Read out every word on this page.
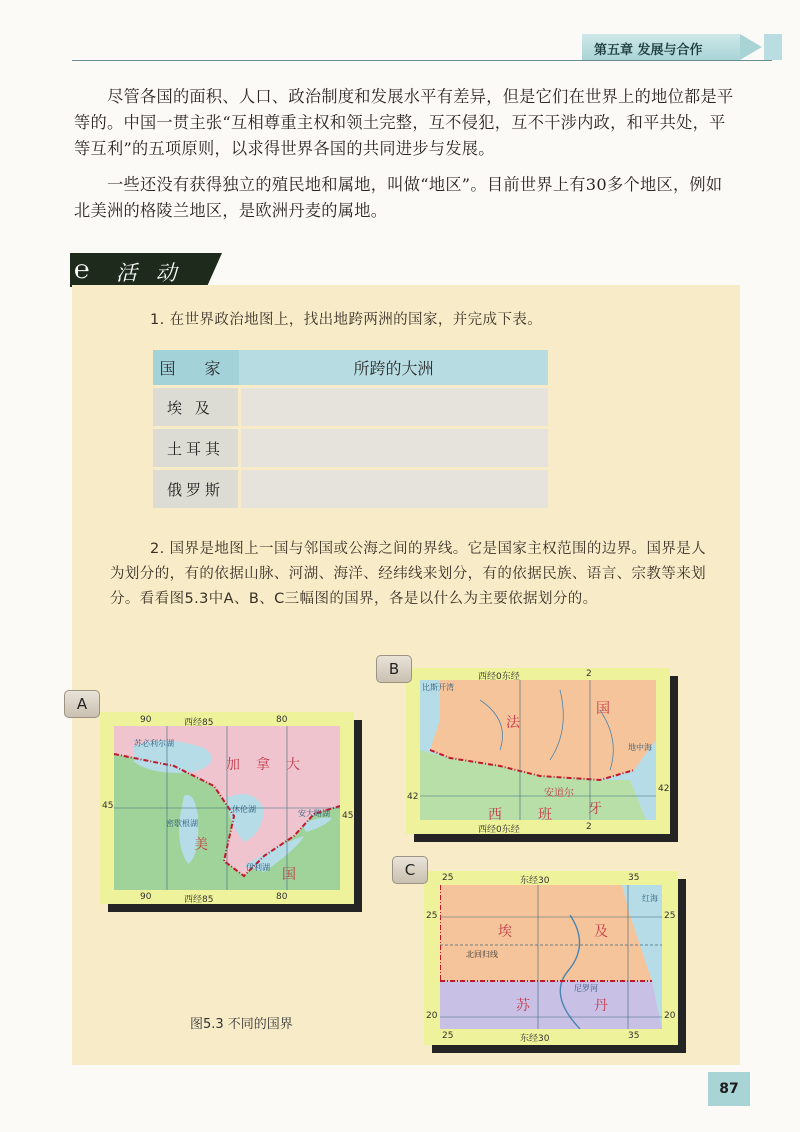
第五章 发展与合作
尽管各国的面积、人口、政治制度和发展水平有差异，但是它们在世界上的地位都是平等的。中国一贯主张“互相尊重主权和领土完整，互不侵犯，互不干涉内政，和平共处，平等互利”的五项原则，以求得世界各国的共同进步与发展。
一些还没有获得独立的殖民地和属地，叫做“地区”。目前世界上有30多个地区，例如北美洲的格陵兰地区，是欧洲丹麦的属地。
℮	活 动
1. 在世界政治地图上，找出地跨两洲的国家，并完成下表。
国 家	所跨的大洲
埃 及	
土耳其	
俄罗斯	
2. 国界是地图上一国与邻国或公海之间的界线。它是国家主权范围的边界。国界是人为划分的，有的依据山脉、河湖、海洋、经纬线来划分，有的依据民族、语言、宗教等来划分。看看图5.3中A、B、C三幅图的国界，各是以什么为主要依据划分的。
90	西经85	80
90	西经85	80
45
45
加 拿 大
美
国
苏必利尔湖
密歇根湖
休伦湖
伊利湖
安大略湖
A
西经0东经	2
西经0东经	2
42
42
法
国
西	班	牙
安道尔
比斯开湾
地中海
B
25	东经30	35
25	东经30	35
25
20
25
20
埃	及
苏	丹
北回归线
红海
尼罗河
C
图5.3 不同的国界
87
